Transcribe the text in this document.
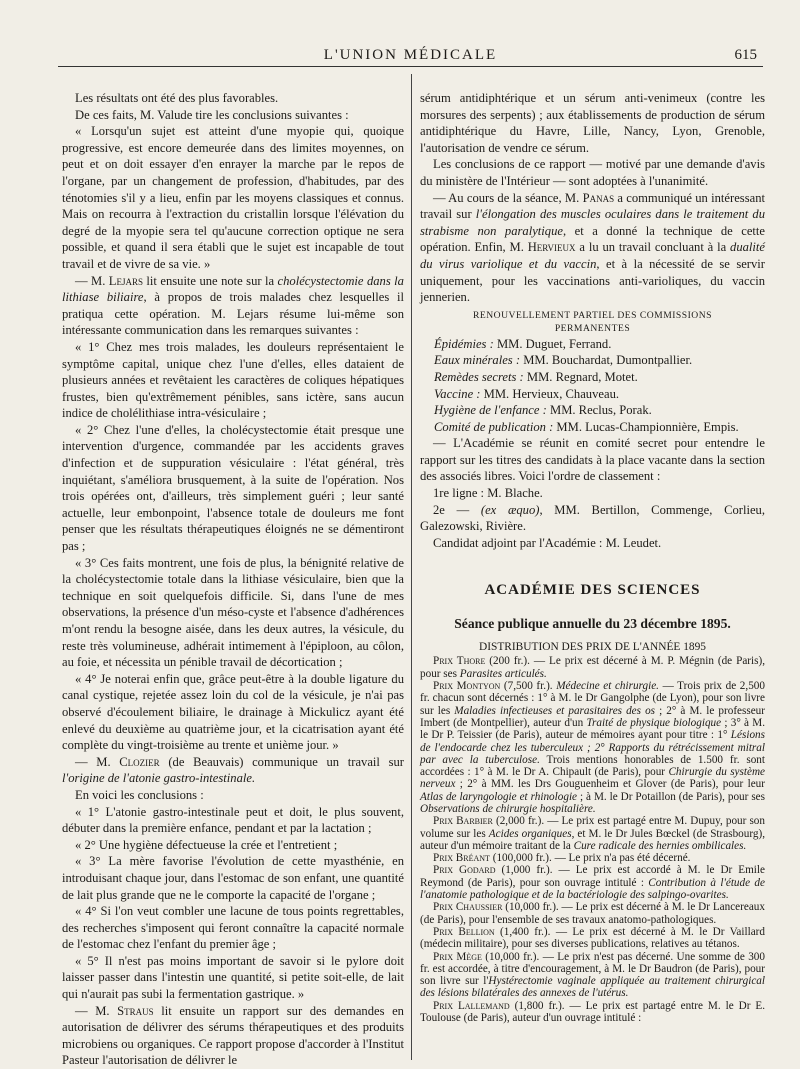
L'UNION MÉDICALE	615

Les résultats ont été des plus favorables.

De ces faits, M. Valude tire les conclusions suivantes :

« Lorsqu'un sujet est atteint d'une myopie qui, quoique progressive, est encore demeurée dans des limites moyennes, on peut et on doit essayer d'en enrayer la marche par le repos de l'organe, par un changement de profession, d'habitudes, par des ténotomies s'il y a lieu, enfin par les moyens classiques et connus. Mais on recourra à l'extraction du cristallin lorsque l'élévation du degré de la myopie sera tel qu'aucune correction optique ne sera possible, et quand il sera établi que le sujet est incapable de tout travail et de vivre de sa vie. »

— M. Lejars lit ensuite une note sur la cholécystectomie dans la lithiase biliaire, à propos de trois malades chez lesquelles il pratiqua cette opération. M. Lejars résume lui-même son intéressante communication dans les remarques suivantes :

« 1° Chez mes trois malades, les douleurs représentaient le symptôme capital, unique chez l'une d'elles, elles dataient de plusieurs années et revêtaient les caractères de coliques hépatiques frustes, bien qu'extrêmement pénibles, sans ictère, sans aucun indice de cholélithiase intra-vésiculaire ;

« 2° Chez l'une d'elles, la cholécystectomie était presque une intervention d'urgence, commandée par les accidents graves d'infection et de suppuration vésiculaire : l'état général, très inquiétant, s'améliora brusquement, à la suite de l'opération. Nos trois opérées ont, d'ailleurs, très simplement guéri ; leur santé actuelle, leur embonpoint, l'absence totale de douleurs me font penser que les résultats thérapeutiques éloignés ne se démentiront pas ;

« 3° Ces faits montrent, une fois de plus, la bénignité relative de la cholécystectomie totale dans la lithiase vésiculaire, bien que la technique en soit quelquefois difficile. Si, dans l'une de mes observations, la présence d'un méso-cyste et l'absence d'adhérences m'ont rendu la besogne aisée, dans les deux autres, la vésicule, du reste très volumineuse, adhérait intimement à l'épiploon, au côlon, au foie, et nécessita un pénible travail de décortication ;

« 4° Je noterai enfin que, grâce peut-être à la double ligature du canal cystique, rejetée assez loin du col de la vésicule, je n'ai pas observé d'écoulement biliaire, le drainage à Mickulicz ayant été enlevé du deuxième au quatrième jour, et la cicatrisation ayant été complète du vingt-troisième au trente et unième jour. »

— M. Clozier (de Beauvais) communique un travail sur l'origine de l'atonie gastro-intestinale.

En voici les conclusions :

« 1° L'atonie gastro-intestinale peut et doit, le plus souvent, débuter dans la première enfance, pendant et par la lactation ;

« 2° Une hygiène défectueuse la crée et l'entretient ;

« 3° La mère favorise l'évolution de cette myasthénie, en introduisant chaque jour, dans l'estomac de son enfant, une quantité de lait plus grande que ne le comporte la capacité de l'organe ;

« 4° Si l'on veut combler une lacune de tous points regrettables, des recherches s'imposent qui feront connaître la capacité normale de l'estomac chez l'enfant du premier âge ;

« 5° Il n'est pas moins important de savoir si le pylore doit laisser passer dans l'intestin une quantité, si petite soit-elle, de lait qui n'aurait pas subi la fermentation gastrique. »

— M. Straus lit ensuite un rapport sur des demandes en autorisation de délivrer des sérums thérapeutiques et des produits microbiens ou organiques. Ce rapport propose d'accorder à l'Institut Pasteur l'autorisation de délivrer le

sérum antidiphtérique et un sérum anti-venimeux (contre les morsures des serpents) ; aux établissements de production de sérum antidiphtérique du Havre, Lille, Nancy, Lyon, Grenoble, l'autorisation de vendre ce sérum.

Les conclusions de ce rapport — motivé par une demande d'avis du ministère de l'Intérieur — sont adoptées à l'unanimité.

— Au cours de la séance, M. Panas a communiqué un intéressant travail sur l'élongation des muscles oculaires dans le traitement du strabisme non paralytique, et a donné la technique de cette opération. Enfin, M. Hervieux a lu un travail concluant à la dualité du virus variolique et du vaccin, et à la nécessité de se servir uniquement, pour les vaccinations anti-varioliques, du vaccin jennerien.

RENOUVELLEMENT PARTIEL DES COMMISSIONS
PERMANENTES

Épidémies : MM. Duguet, Ferrand.

Eaux minérales : MM. Bouchardat, Dumontpallier.

Remèdes secrets : MM. Regnard, Motet.

Vaccine : MM. Hervieux, Chauveau.

Hygiène de l'enfance : MM. Reclus, Porak.

Comité de publication : MM. Lucas-Championnière, Empis.

— L'Académie se réunit en comité secret pour entendre le rapport sur les titres des candidats à la place vacante dans la section des associés libres. Voici l'ordre de classement :

1re ligne : M. Blache.

2e — (ex æquo), MM. Bertillon, Commenge, Corlieu, Galezowski, Rivière.

Candidat adjoint par l'Académie : M. Leudet.

ACADÉMIE DES SCIENCES
Séance publique annuelle du 23 décembre 1895.
DISTRIBUTION DES PRIX DE L'ANNÉE 1895

Prix Thore (200 fr.). — Le prix est décerné à M. P. Mégnin (de Paris), pour ses Parasites articulés.

Prix Montyon (7,500 fr.). Médecine et chirurgie. — Trois prix de 2,500 fr. chacun sont décernés : 1° à M. le Dr Gangolphe (de Lyon), pour son livre sur les Maladies infectieuses et parasitaires des os ; 2° à M. le professeur Imbert (de Montpellier), auteur d'un Traité de physique biologique ; 3° à M. le Dr P. Teissier (de Paris), auteur de mémoires ayant pour titre : 1° Lésions de l'endocarde chez les tuberculeux ; 2° Rapports du rétrécissement mitral par avec la tuberculose. Trois mentions honorables de 1.500 fr. sont accordées : 1° à M. le Dr A. Chipault (de Paris), pour Chirurgie du système nerveux ; 2° à MM. les Drs Gouguenheim et Glover (de Paris), pour leur Atlas de laryngologie et rhinologie ; à M. le Dr Potaillon (de Paris), pour ses Observations de chirurgie hospitalière.

Prix Barbier (2,000 fr.). — Le prix est partagé entre M. Dupuy, pour son volume sur les Acides organiques, et M. le Dr Jules Bœckel (de Strasbourg), auteur d'un mémoire traitant de la Cure radicale des hernies ombilicales.

Prix Bréant (100,000 fr.). — Le prix n'a pas été décerné.

Prix Godard (1,000 fr.). — Le prix est accordé à M. le Dr Emile Reymond (de Paris), pour son ouvrage intitulé : Contribution à l'étude de l'anatomie pathologique et de la bactériologie des salpingo-ovarites.

Prix Chaussier (10,000 fr.). — Le prix est décerné à M. le Dr Lancereaux (de Paris), pour l'ensemble de ses travaux anatomo-pathologiques.

Prix Bellion (1,400 fr.). — Le prix est décerné à M. le Dr Vaillard (médecin militaire), pour ses diverses publications, relatives au tétanos.

Prix Mège (10,000 fr.). — Le prix n'est pas décerné. Une somme de 300 fr. est accordée, à titre d'encouragement, à M. le Dr Baudron (de Paris), pour son livre sur l'Hystérectomie vaginale appliquée au traitement chirurgical des lésions bilatérales des annexes de l'utérus.

Prix Lallemand (1,800 fr.). — Le prix est partagé entre M. le Dr E. Toulouse (de Paris), auteur d'un ouvrage intitulé :
